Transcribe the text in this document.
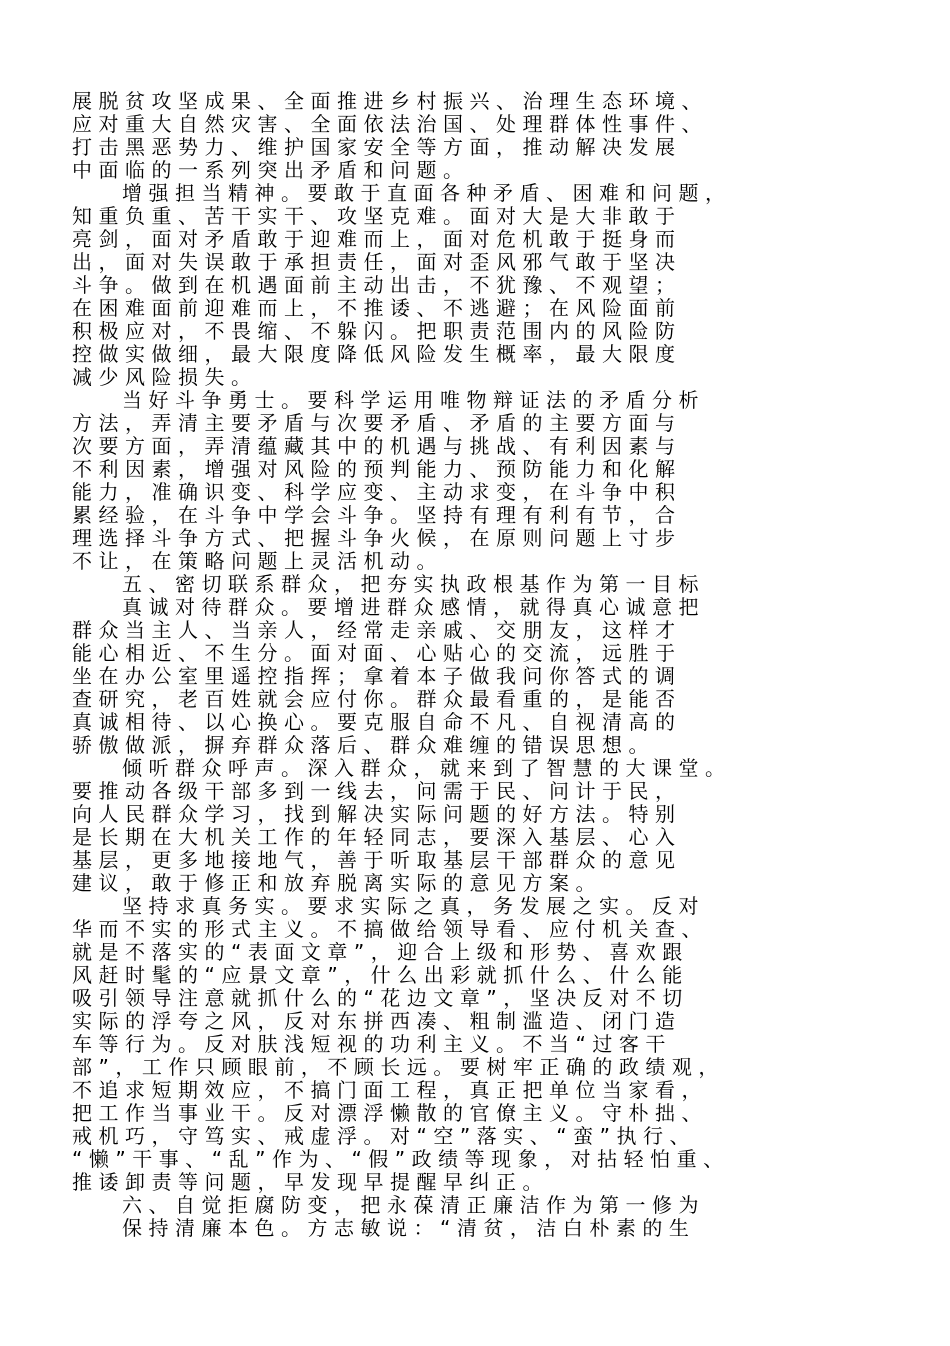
展脱贫攻坚成果、全面推进乡村振兴、治理生态环境、
应对重大自然灾害、全面依法治国、处理群体性事件、
打击黑恶势力、维护国家安全等方面，推动解决发展
中面临的一系列突出矛盾和问题。
增强担当精神。要敢于直面各种矛盾、困难和问题，
知重负重、苦干实干、攻坚克难。面对大是大非敢于
亮剑，面对矛盾敢于迎难而上，面对危机敢于挺身而
出，面对失误敢于承担责任，面对歪风邪气敢于坚决
斗争。做到在机遇面前主动出击，不犹豫、不观望；
在困难面前迎难而上，不推诿、不逃避；在风险面前
积极应对，不畏缩、不躲闪。把职责范围内的风险防
控做实做细，最大限度降低风险发生概率，最大限度
减少风险损失。
当好斗争勇士。要科学运用唯物辩证法的矛盾分析
方法，弄清主要矛盾与次要矛盾、矛盾的主要方面与
次要方面，弄清蕴藏其中的机遇与挑战、有利因素与
不利因素，增强对风险的预判能力、预防能力和化解
能力，准确识变、科学应变、主动求变，在斗争中积
累经验，在斗争中学会斗争。坚持有理有利有节，合
理选择斗争方式、把握斗争火候，在原则问题上寸步
不让，在策略问题上灵活机动。
五、密切联系群众，把夯实执政根基作为第一目标
真诚对待群众。要增进群众感情，就得真心诚意把
群众当主人、当亲人，经常走亲戚、交朋友，这样才
能心相近、不生分。面对面、心贴心的交流，远胜于
坐在办公室里遥控指挥；拿着本子做我问你答式的调
查研究，老百姓就会应付你。群众最看重的，是能否
真诚相待、以心换心。要克服自命不凡、自视清高的
骄傲做派，摒弃群众落后、群众难缠的错误思想。
倾听群众呼声。深入群众，就来到了智慧的大课堂。
要推动各级干部多到一线去，问需于民、问计于民，
向人民群众学习，找到解决实际问题的好方法。特别
是长期在大机关工作的年轻同志，要深入基层、心入
基层，更多地接地气，善于听取基层干部群众的意见
建议，敢于修正和放弃脱离实际的意见方案。
坚持求真务实。要求实际之真，务发展之实。反对
华而不实的形式主义。不搞做给领导看、应付机关查、
就是不落实的“表面文章”，迎合上级和形势、喜欢跟
风赶时髦的“应景文章”，什么出彩就抓什么、什么能
吸引领导注意就抓什么的“花边文章”，坚决反对不切
实际的浮夸之风，反对东拼西凑、粗制滥造、闭门造
车等行为。反对肤浅短视的功利主义。不当“过客干
部”，工作只顾眼前，不顾长远。要树牢正确的政绩观，
不追求短期效应，不搞门面工程，真正把单位当家看，
把工作当事业干。反对漂浮懒散的官僚主义。守朴拙、
戒机巧，守笃实、戒虚浮。对“空”落实、“蛮”执行、
“懒”干事、“乱”作为、“假”政绩等现象，对拈轻怕重、
推诿卸责等问题，早发现早提醒早纠正。
六、自觉拒腐防变，把永葆清正廉洁作为第一修为
保持清廉本色。方志敏说：“清贫，洁白朴素的生
